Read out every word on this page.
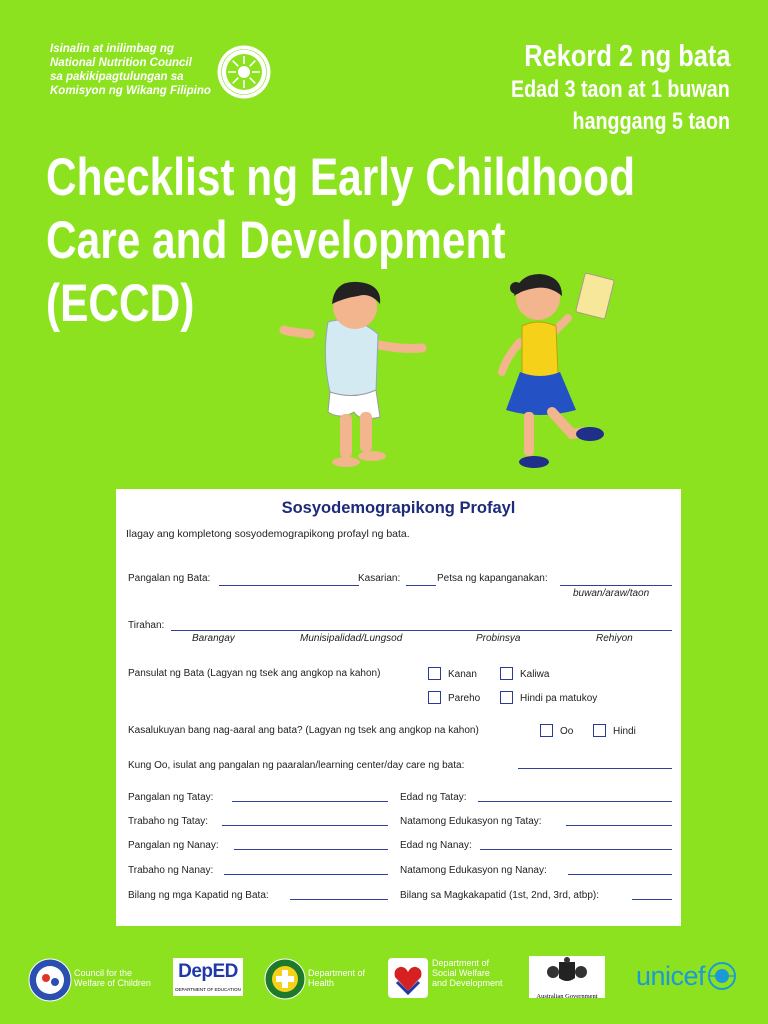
Isinalin at inilimbag ng
National Nutrition Council
sa pakikipagtulungan sa
Komisyon ng Wikang Filipino
Rekord 2 ng bata
Edad 3 taon at 1 buwan
hanggang 5 taon
Checklist ng Early Childhood
Care and Development
(ECCD)
Sosyodemograpikong Profayl
Ilagay ang kompletong sosyodemograpikong profayl ng bata.
Pangalan ng Bata:	Kasarian:	Petsa ng kapanganakan:
buwan/araw/taon
Tirahan:
Barangay	Munisipalidad/Lungsod	Probinsya	Rehiyon
Pansulat ng Bata (Lagyan ng tsek ang angkop na kahon)	Kanan	Kaliwa
Pareho	Hindi pa matukoy
Kasalukuyan bang nag-aaral ang bata? (Lagyan ng tsek ang angkop na kahon)	Oo	Hindi
Kung Oo, isulat ang pangalan ng paaralan/learning center/day care ng bata:
Pangalan ng Tatay:	Edad ng Tatay:
Trabaho ng Tatay:	Natamong Edukasyon ng Tatay:
Pangalan ng Nanay:	Edad ng Nanay:
Trabaho ng Nanay:	Natamong Edukasyon ng Nanay:
Bilang ng mga Kapatid ng Bata:	Bilang sa Magkakapatid (1st, 2nd, 3rd, atbp):
Council for the
Welfare of Children
DepED
DEPARTMENT OF EDUCATION
Department of
Health
Department of
Social Welfare
and Development
Australian Government
unicef
